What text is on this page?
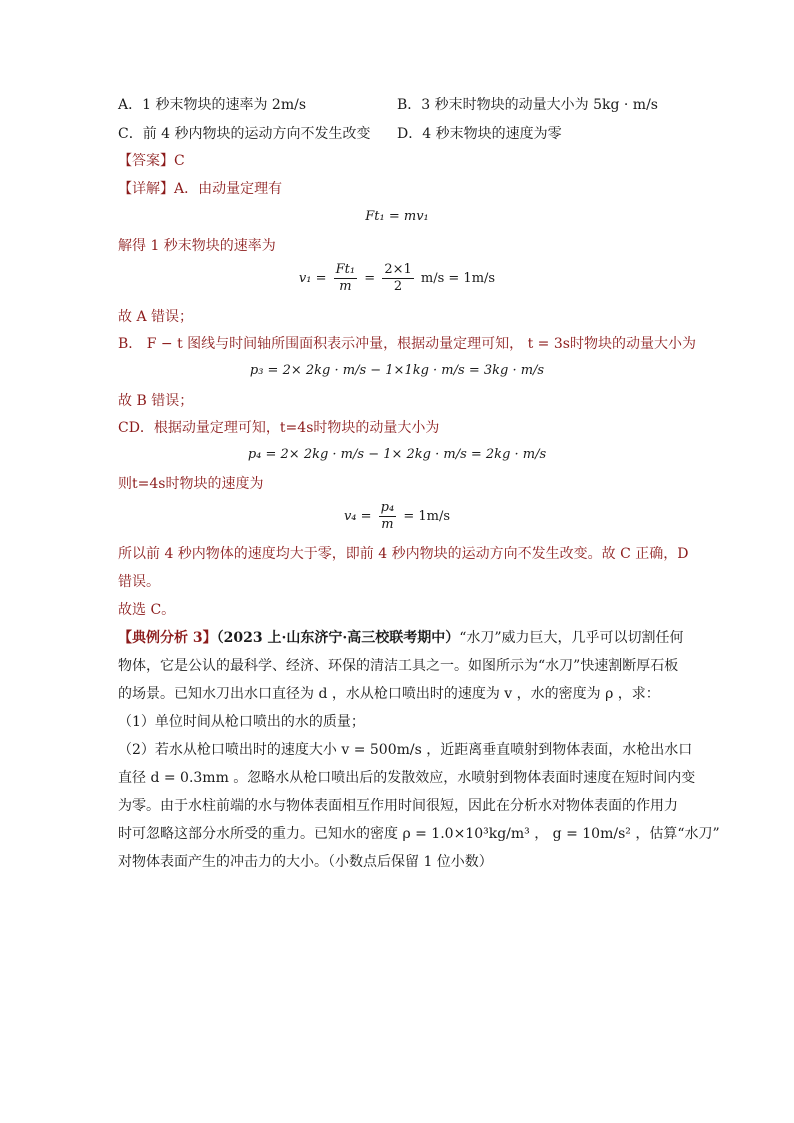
A．1 秒末物块的速率为 2m/s	B．3 秒末时物块的动量大小为 5kg · m/s
C．前 4 秒内物块的运动方向不发生改变 D．4 秒末物块的速度为零
【答案】C
【详解】A．由动量定理有
Ft₁ = mv₁
解得 1 秒末物块的速率为
$v_1 = \frac{\text{Ft₁}}{m} = \frac{2\times 1}{2} m/s = 1m/s$
故 A 错误；
B． F − t 图线与时间轴所围面积表示冲量，根据动量定理可知， t = 3s时物块的动量大小为
p₃ = 2× 2kg · m/s − 1×1kg · m/s = 3kg · m/s
故 B 错误；
CD．根据动量定理可知，t=4s时物块的动量大小为
p₄ = 2× 2kg · m/s − 1× 2kg · m/s = 2kg · m/s
则t=4s时物块的速度为
$v_4 = \frac{\text{p₄}}{m} = 1m/s$
所以前 4 秒内物体的速度均大于零，即前 4 秒内物块的运动方向不发生改变。故 C 正确，D
错误。
故选 C。
【典例分析 3】（2023 上·山东济宁·高三校联考期中）“水刀”威力巨大，几乎可以切割任何
物体，它是公认的最科学、经济、环保的清洁工具之一。如图所示为“水刀”快速割断厚石板
的场景。已知水刀出水口直径为 d ，水从枪口喷出时的速度为 v ，水的密度为 ρ ，求：
（1）单位时间从枪口喷出的水的质量；
（2）若水从枪口喷出时的速度大小 v = 500m/s ，近距离垂直喷射到物体表面，水枪出水口
直径 d = 0.3mm 。忽略水从枪口喷出后的发散效应，水喷射到物体表面时速度在短时间内变
为零。由于水柱前端的水与物体表面相互作用时间很短，因此在分析水对物体表面的作用力
时可忽略这部分水所受的重力。已知水的密度 ρ = 1.0×10³kg/m³ ， g = 10m/s² ，估算“水刀”
对物体表面产生的冲击力的大小。（小数点后保留 1 位小数）
